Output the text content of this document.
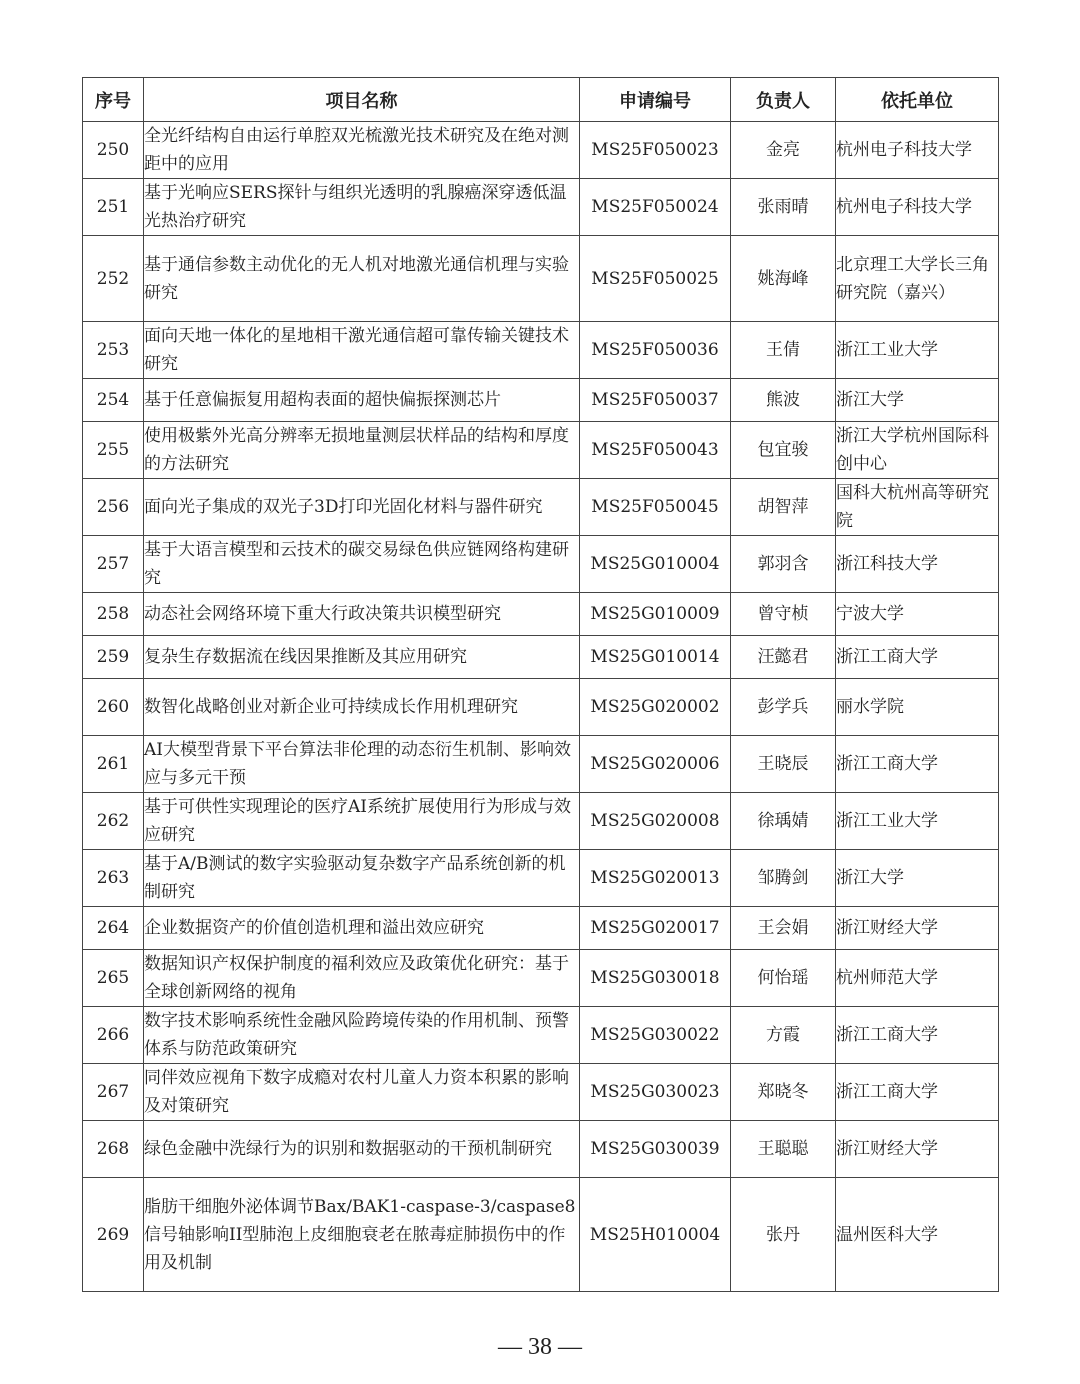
序号	项目名称	申请编号	负责人	依托单位
250	全光纤结构自由运行单腔双光梳激光技术研究及在绝对测距中的应用	MS25F050023	金亮	杭州电子科技大学
251	基于光响应SERS探针与组织光透明的乳腺癌深穿透低温光热治疗研究	MS25F050024	张雨晴	杭州电子科技大学
252	基于通信参数主动优化的无人机对地激光通信机理与实验研究	MS25F050025	姚海峰	北京理工大学长三角研究院（嘉兴）
253	面向天地一体化的星地相干激光通信超可靠传输关键技术研究	MS25F050036	王倩	浙江工业大学
254	基于任意偏振复用超构表面的超快偏振探测芯片	MS25F050037	熊波	浙江大学
255	使用极紫外光高分辨率无损地量测层状样品的结构和厚度的方法研究	MS25F050043	包宜骏	浙江大学杭州国际科创中心
256	面向光子集成的双光子3D打印光固化材料与器件研究	MS25F050045	胡智萍	国科大杭州高等研究院
257	基于大语言模型和云技术的碳交易绿色供应链网络构建研究	MS25G010004	郭羽含	浙江科技大学
258	动态社会网络环境下重大行政决策共识模型研究	MS25G010009	曾守桢	宁波大学
259	复杂生存数据流在线因果推断及其应用研究	MS25G010014	汪懿君	浙江工商大学
260	数智化战略创业对新企业可持续成长作用机理研究	MS25G020002	彭学兵	丽水学院
261	AI大模型背景下平台算法非伦理的动态衍生机制、影响效应与多元干预	MS25G020006	王晓辰	浙江工商大学
262	基于可供性实现理论的医疗AI系统扩展使用行为形成与效应研究	MS25G020008	徐瑀婧	浙江工业大学
263	基于A/B测试的数字实验驱动复杂数字产品系统创新的机制研究	MS25G020013	邹腾剑	浙江大学
264	企业数据资产的价值创造机理和溢出效应研究	MS25G020017	王会娟	浙江财经大学
265	数据知识产权保护制度的福利效应及政策优化研究：基于全球创新网络的视角	MS25G030018	何怡瑶	杭州师范大学
266	数字技术影响系统性金融风险跨境传染的作用机制、预警体系与防范政策研究	MS25G030022	方霞	浙江工商大学
267	同伴效应视角下数字成瘾对农村儿童人力资本积累的影响及对策研究	MS25G030023	郑晓冬	浙江工商大学
268	绿色金融中洗绿行为的识别和数据驱动的干预机制研究	MS25G030039	王聪聪	浙江财经大学
269	脂肪干细胞外泌体调节Bax/BAK1-caspase-3/caspase8信号轴影响II型肺泡上皮细胞衰老在脓毒症肺损伤中的作用及机制	MS25H010004	张丹	温州医科大学
— 38 —
